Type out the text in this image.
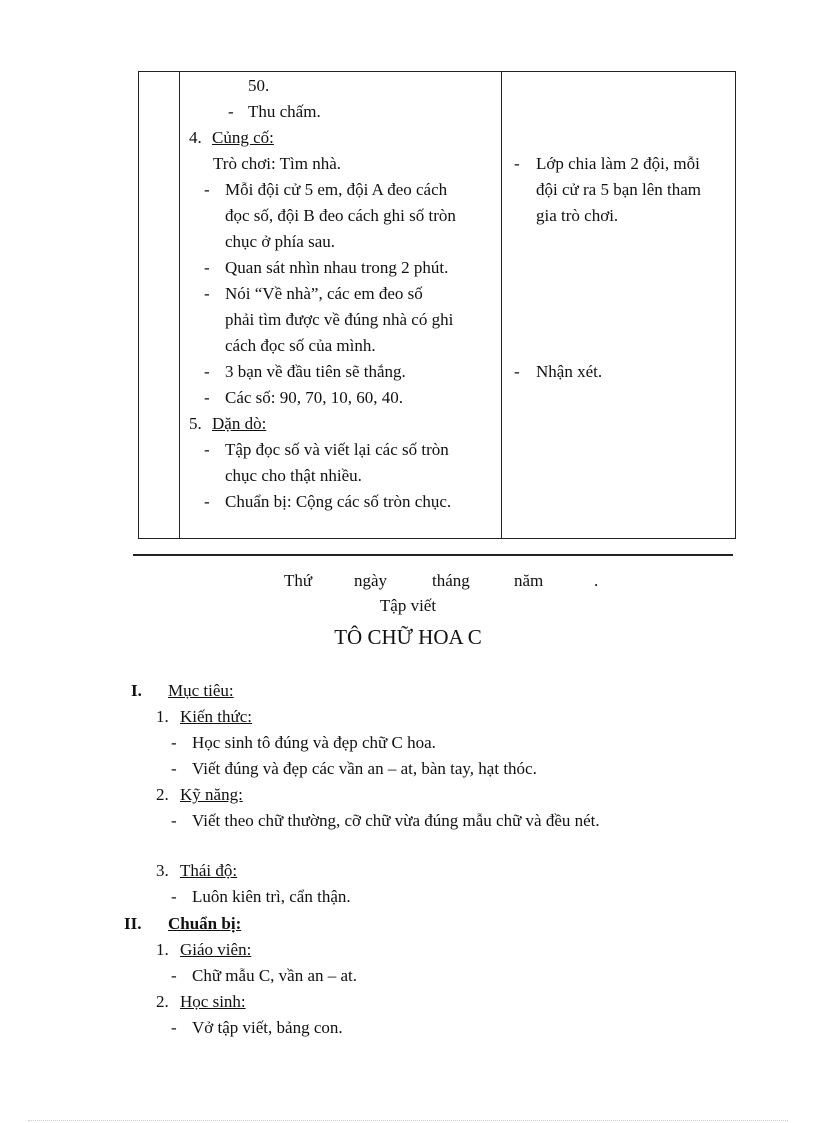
50.
- Thu chấm.
4. Củng cố:
Trò chơi: Tìm nhà.
- Mỗi đội cử 5 em, đội A đeo cách
đọc số, đội B đeo cách ghi số tròn
chục ở phía sau.
- Quan sát nhìn nhau trong 2 phút.
- Nói “Về nhà”, các em đeo số
phải tìm được về đúng nhà có ghi
cách đọc số của mình.
- 3 bạn về đầu tiên sẽ thắng.
- Các số: 90, 70, 10, 60, 40.
5. Dặn dò:
- Tập đọc số và viết lại các số tròn
chục cho thật nhiều.
- Chuẩn bị: Cộng các số tròn chục.
- Lớp chia làm 2 đội, mỗi
đội cử ra 5 bạn lên tham
gia trò chơi.
- Nhận xét.
Thứ ngày	tháng	năm	.
Tập viết
TÔ CHỮ HOA C
I. Mục tiêu:
1. Kiến thức:
- Học sinh tô đúng và đẹp chữ C hoa.
- Viết đúng và đẹp các vần an – at, bàn tay, hạt thóc.
2. Kỹ năng:
- Viết theo chữ thường, cỡ chữ vừa đúng mẫu chữ và đều nét.
3. Thái độ:
- Luôn kiên trì, cẩn thận.
II. Chuẩn bị:
1. Giáo viên:
- Chữ mẫu C, vần an – at.
2. Học sinh:
- Vở tập viết, bảng con.
